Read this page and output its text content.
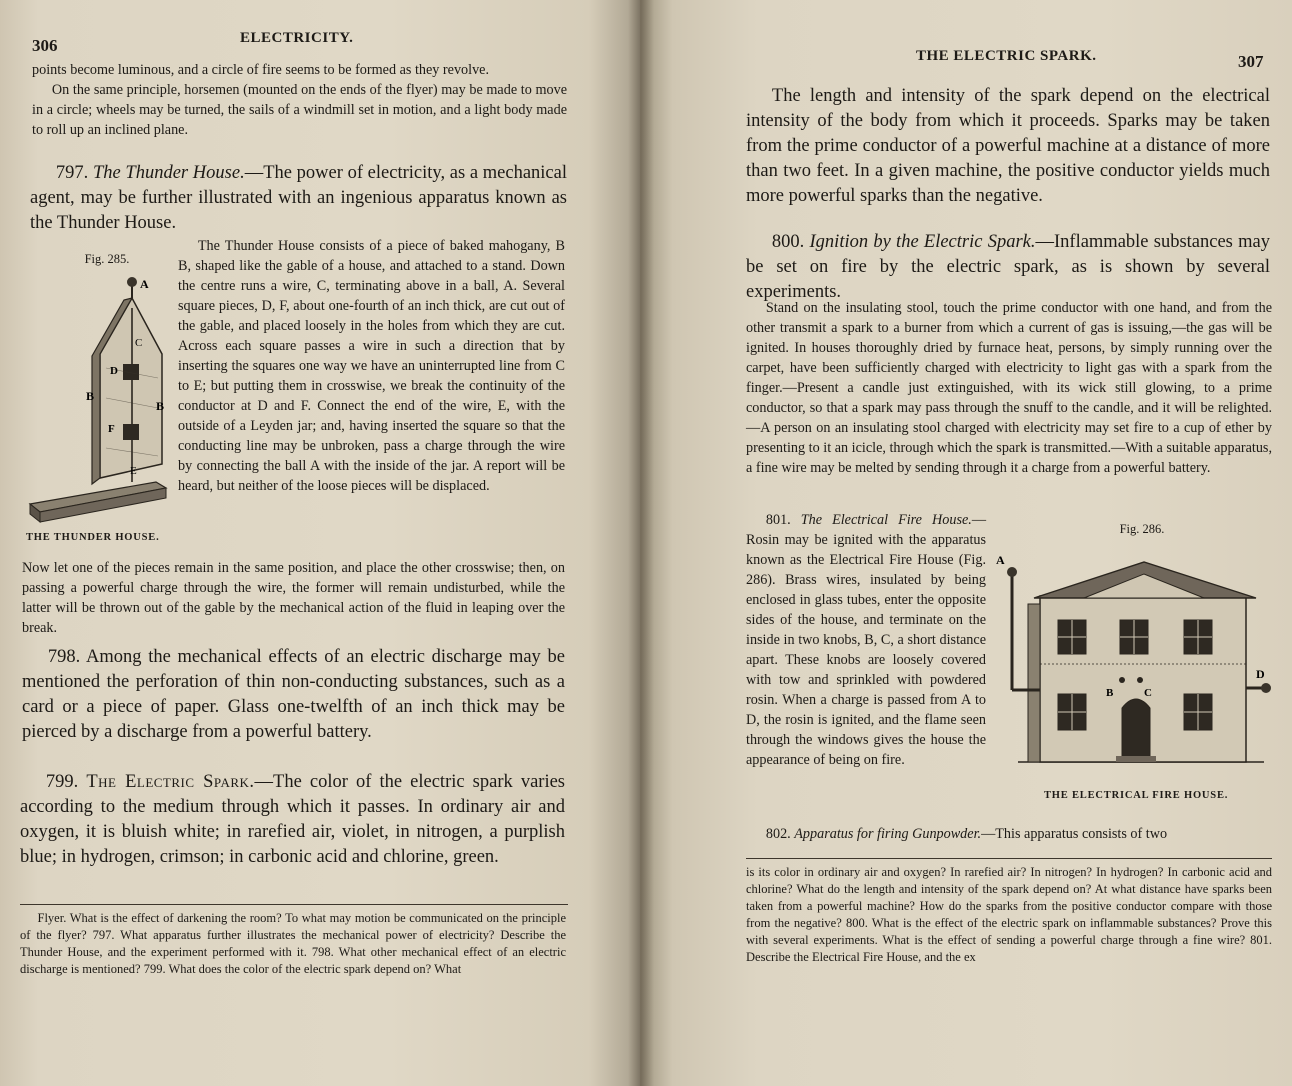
306	ELECTRICITY.

points become luminous, and a circle of fire seems to be formed as they revolve.

On the same principle, horsemen (mounted on the ends of the flyer) may be made to move in a circle; wheels may be turned, the sails of a windmill set in motion, and a light body made to roll up an inclined plane.

797. The Thunder House.—The power of electricity, as a mechanical agent, may be further illustrated with an ingenious apparatus known as the Thunder House.
Fig. 285.
A
C
D
B
B
F
E
THE THUNDER HOUSE.

The Thunder House consists of a piece of baked mahogany, B B, shaped like the gable of a house, and attached to a stand. Down the centre runs a wire, C, terminating above in a ball, A. Several square pieces, D, F, about one-fourth of an inch thick, are cut out of the gable, and placed loosely in the holes from which they are cut. Across each square passes a wire in such a direction that by inserting the squares one way we have an uninterrupted line from C to E; but putting them in crosswise, we break the continuity of the conductor at D and F. Connect the end of the wire, E, with the outside of a Leyden jar; and, having inserted the square so that the conducting line may be unbroken, pass a charge through the wire by connecting the ball A with the inside of the jar. A report will be heard, but neither of the loose pieces will be displaced.

Now let one of the pieces remain in the same position, and place the other crosswise; then, on passing a powerful charge through the wire, the former will remain undisturbed, while the latter will be thrown out of the gable by the mechanical action of the fluid in leaping over the break.

798. Among the mechanical effects of an electric discharge may be mentioned the perforation of thin non-conducting substances, such as a card or a piece of paper. Glass one-twelfth of an inch thick may be pierced by a discharge from a powerful battery.
799. The Electric Spark.—The color of the electric spark varies according to the medium through which it passes. In ordinary air and oxygen, it is bluish white; in rarefied air, violet, in nitrogen, a purplish blue; in hydrogen, crimson; in carbonic acid and chlorine, green.

Flyer. What is the effect of darkening the room? To what may motion be communicated on the principle of the flyer? 797. What apparatus further illustrates the mechanical power of electricity? Describe the Thunder House, and the experiment performed with it. 798. What other mechanical effect of an electric discharge is mentioned? 799. What does the color of the electric spark depend on? What

THE ELECTRIC SPARK.	307

The length and intensity of the spark depend on the electrical intensity of the body from which it proceeds. Sparks may be taken from the prime conductor of a powerful machine at a distance of more than two feet. In a given machine, the positive conductor yields much more powerful sparks than the negative.

800. Ignition by the Electric Spark.—Inflammable substances may be set on fire by the electric spark, as is shown by several experiments.

Stand on the insulating stool, touch the prime conductor with one hand, and from the other transmit a spark to a burner from which a current of gas is issuing,—the gas will be ignited. In houses thoroughly dried by furnace heat, persons, by simply running over the carpet, have been sufficiently charged with electricity to light gas with a spark from the finger.—Present a candle just extinguished, with its wick still glowing, to a prime conductor, so that a spark may pass through the snuff to the candle, and it will be relighted.—A person on an insulating stool charged with electricity may set fire to a cup of ether by presenting to it an icicle, through which the spark is transmitted.—With a suitable apparatus, a fine wire may be melted by sending through it a charge from a powerful battery.

801. The Electrical Fire House.—Rosin may be ignited with the apparatus known as the Electrical Fire House (Fig. 286). Brass wires, insulated by being enclosed in glass tubes, enter the opposite sides of the house, and terminate on the inside in two knobs, B, C, a short distance apart. These knobs are loosely covered with tow and sprinkled with powdered rosin. When a charge is passed from A to D, the rosin is ignited, and the flame seen through the windows gives the house the appearance of being on fire.

Fig. 286.
A
B	C
D
THE ELECTRICAL FIRE HOUSE.
802. Apparatus for firing Gunpowder.—This apparatus consists of two

is its color in ordinary air and oxygen? In rarefied air? In nitrogen? In hydrogen? In carbonic acid and chlorine? What do the length and intensity of the spark depend on? At what distance have sparks been taken from a powerful machine? How do the sparks from the positive conductor compare with those from the negative? 800. What is the effect of the electric spark on inflammable substances? Prove this with several experiments. What is the effect of sending a powerful charge through a fine wire? 801. Describe the Electrical Fire House, and the ex
